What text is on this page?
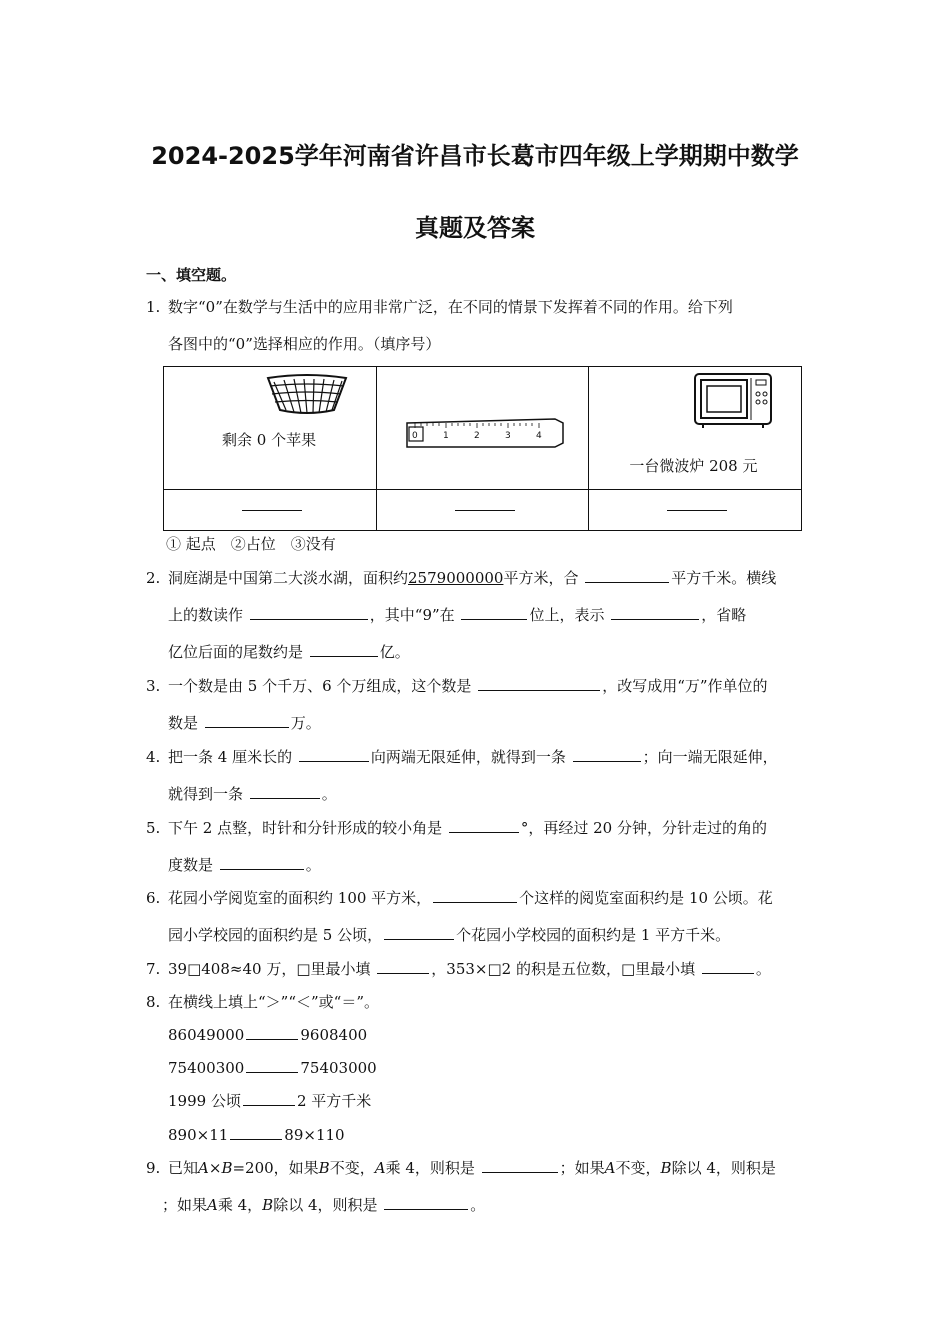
2024-2025学年河南省许昌市长葛市四年级上学期期中数学
真题及答案
一、填空题。
1. 数字“0”在数学与生活中的应用非常广泛，在不同的情景下发挥着不同的作用。给下列
各图中的“0”选择相应的作用。（填序号）
剩余 0 个苹果	0 1 2 3 4	一台微波炉 208 元

① 起点　②占位　③没有
2. 洞庭湖是中国第二大淡水湖，面积约2579000000平方米，合	平方千米。横线
上的数读作	，其中“9”在	位上，表示	，省略
亿位后面的尾数约是	亿。
3. 一个数是由 5 个千万、6 个万组成，这个数是	，改写成用“万”作单位的
数是	万。
4. 把一条 4 厘米长的	向两端无限延伸，就得到一条	；向一端无限延伸，
就得到一条	。
5. 下午 2 点整，时针和分针形成的较小角是	°，再经过 20 分钟，分针走过的角的
度数是	。
6. 花园小学阅览室的面积约 100 平方米，	个这样的阅览室面积约是 10 公顷。花
园小学校园的面积约是 5 公顷，	个花园小学校园的面积约是 1 平方千米。
7. 39□408≈40 万，□里最小填	，353×□2 的积是五位数，□里最小填	。
8. 在横线上填上“＞”“＜”或“＝”。
86049000	9608400
75400300	75403000
1999 公顷	2 平方千米
890×11	89×110
9. 已知A×B=200，如果B不变，A乘 4，则积是	；如果A不变，B除以 4，则积是
；如果A乘 4，B除以 4，则积是	。
